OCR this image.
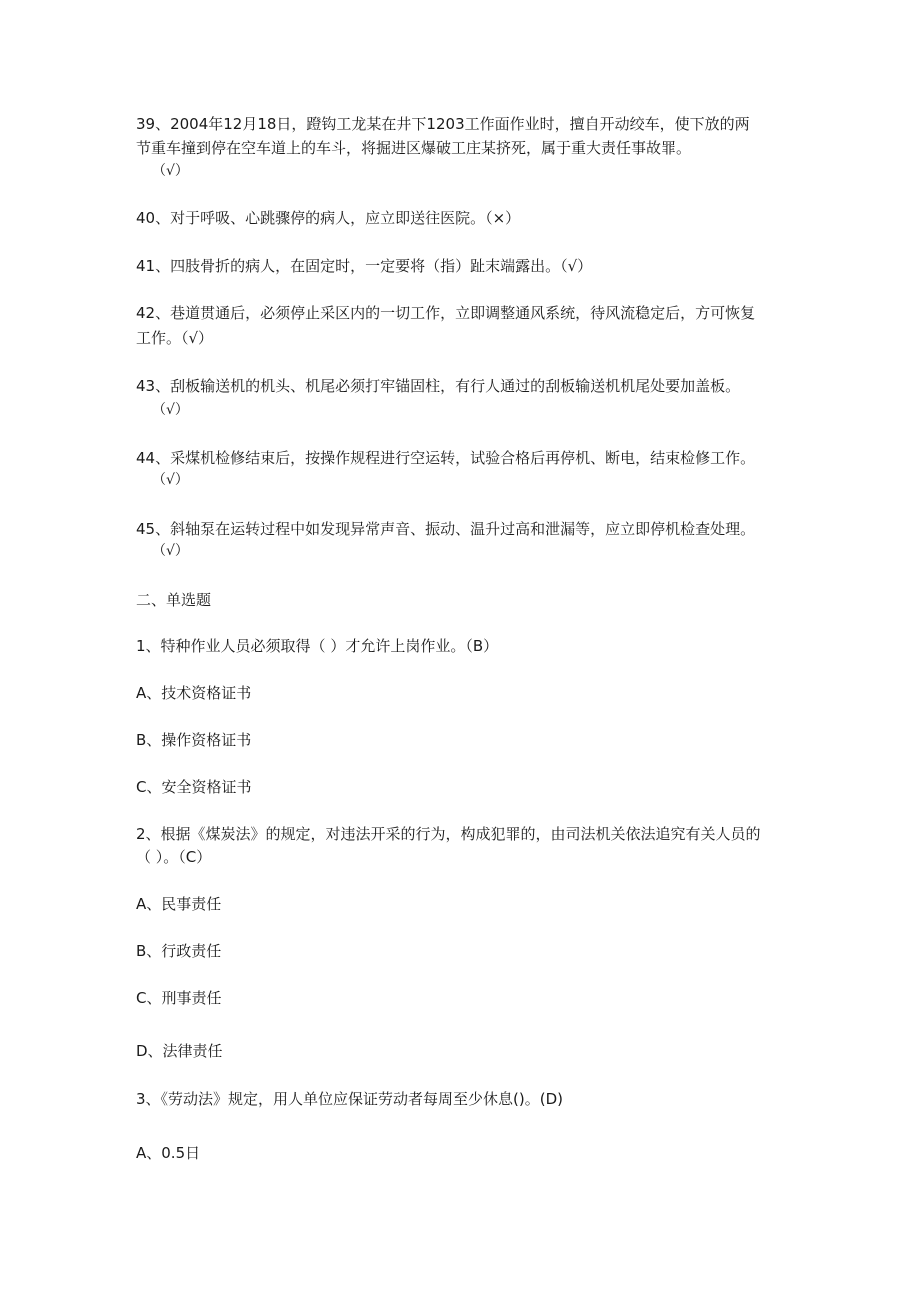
39、2004年12月18日，蹬钩工龙某在井下1203工作面作业时，擅自开动绞车，使下放的两
节重车撞到停在空车道上的车斗，将掘进区爆破工庄某挤死，属于重大责任事故罪。
（√）
40、对于呼吸、心跳骤停的病人，应立即送往医院。（×）
41、四肢骨折的病人，在固定时，一定要将（指）趾末端露出。（√）
42、巷道贯通后，必须停止采区内的一切工作，立即调整通风系统，待风流稳定后，方可恢复
工作。（√）
43、刮板输送机的机头、机尾必须打牢锚固柱，有行人通过的刮板输送机机尾处要加盖板。
（√）
44、采煤机检修结束后，按操作规程进行空运转，试验合格后再停机、断电，结束检修工作。
（√）
45、斜轴泵在运转过程中如发现异常声音、振动、温升过高和泄漏等，应立即停机检查处理。
（√）
二、单选题
1、特种作业人员必须取得（ ）才允许上岗作业。（B）
A、技术资格证书
B、操作资格证书
C、安全资格证书
2、根据《煤炭法》的规定，对违法开采的行为，构成犯罪的，由司法机关依法追究有关人员的
（ ）。（C）
A、民事责任
B、行政责任
C、刑事责任
D、法律责任
3、《劳动法》规定，用人单位应保证劳动者每周至少休息()。(D)
A、0.5日
